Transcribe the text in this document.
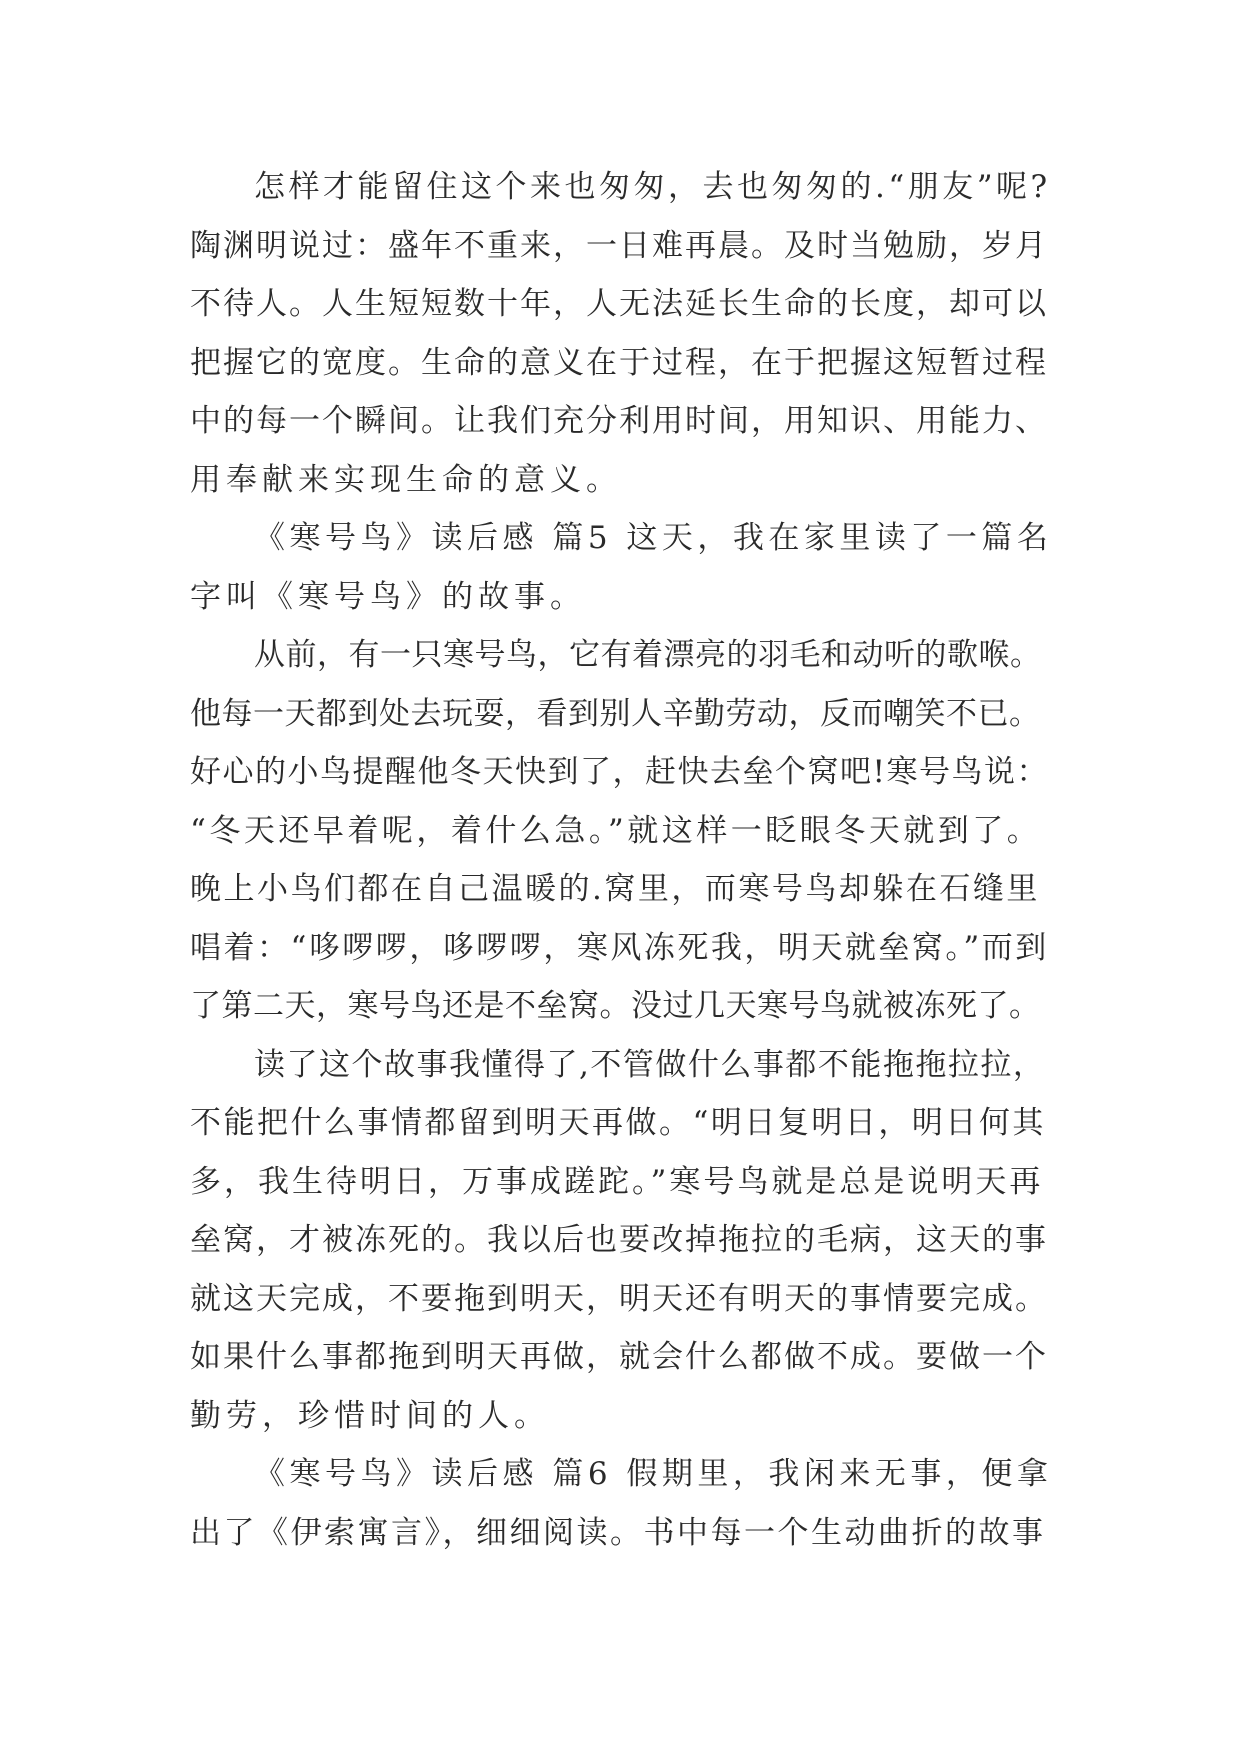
怎样才能留住这个来也匆匆，去也匆匆的.“朋友”呢?
陶渊明说过：盛年不重来，一日难再晨。及时当勉励，岁月
不待人。人生短短数十年，人无法延长生命的长度，却可以
把握它的宽度。生命的意义在于过程，在于把握这短暂过程
中的每一个瞬间。让我们充分利用时间，用知识、用能力、
用奉献来实现生命的意义。
《寒号鸟》读后感 篇5 这天，我在家里读了一篇名
字叫《寒号鸟》的故事。
从前，有一只寒号鸟，它有着漂亮的羽毛和动听的歌喉。
他每一天都到处去玩耍，看到别人辛勤劳动，反而嘲笑不已。
好心的小鸟提醒他冬天快到了，赶快去垒个窝吧!寒号鸟说：
“冬天还早着呢，着什么急。”就这样一眨眼冬天就到了。
晚上小鸟们都在自己温暖的.窝里，而寒号鸟却躲在石缝里
唱着：“哆啰啰，哆啰啰，寒风冻死我，明天就垒窝。”而到
了第二天，寒号鸟还是不垒窝。没过几天寒号鸟就被冻死了。
读了这个故事我懂得了,不管做什么事都不能拖拖拉拉，
不能把什么事情都留到明天再做。“明日复明日，明日何其
多，我生待明日，万事成蹉跎。”寒号鸟就是总是说明天再
垒窝，才被冻死的。我以后也要改掉拖拉的毛病，这天的事
就这天完成，不要拖到明天，明天还有明天的事情要完成。
如果什么事都拖到明天再做，就会什么都做不成。要做一个
勤劳，珍惜时间的人。
《寒号鸟》读后感 篇6 假期里，我闲来无事，便拿
出了《伊索寓言》，细细阅读。书中每一个生动曲折的故事
